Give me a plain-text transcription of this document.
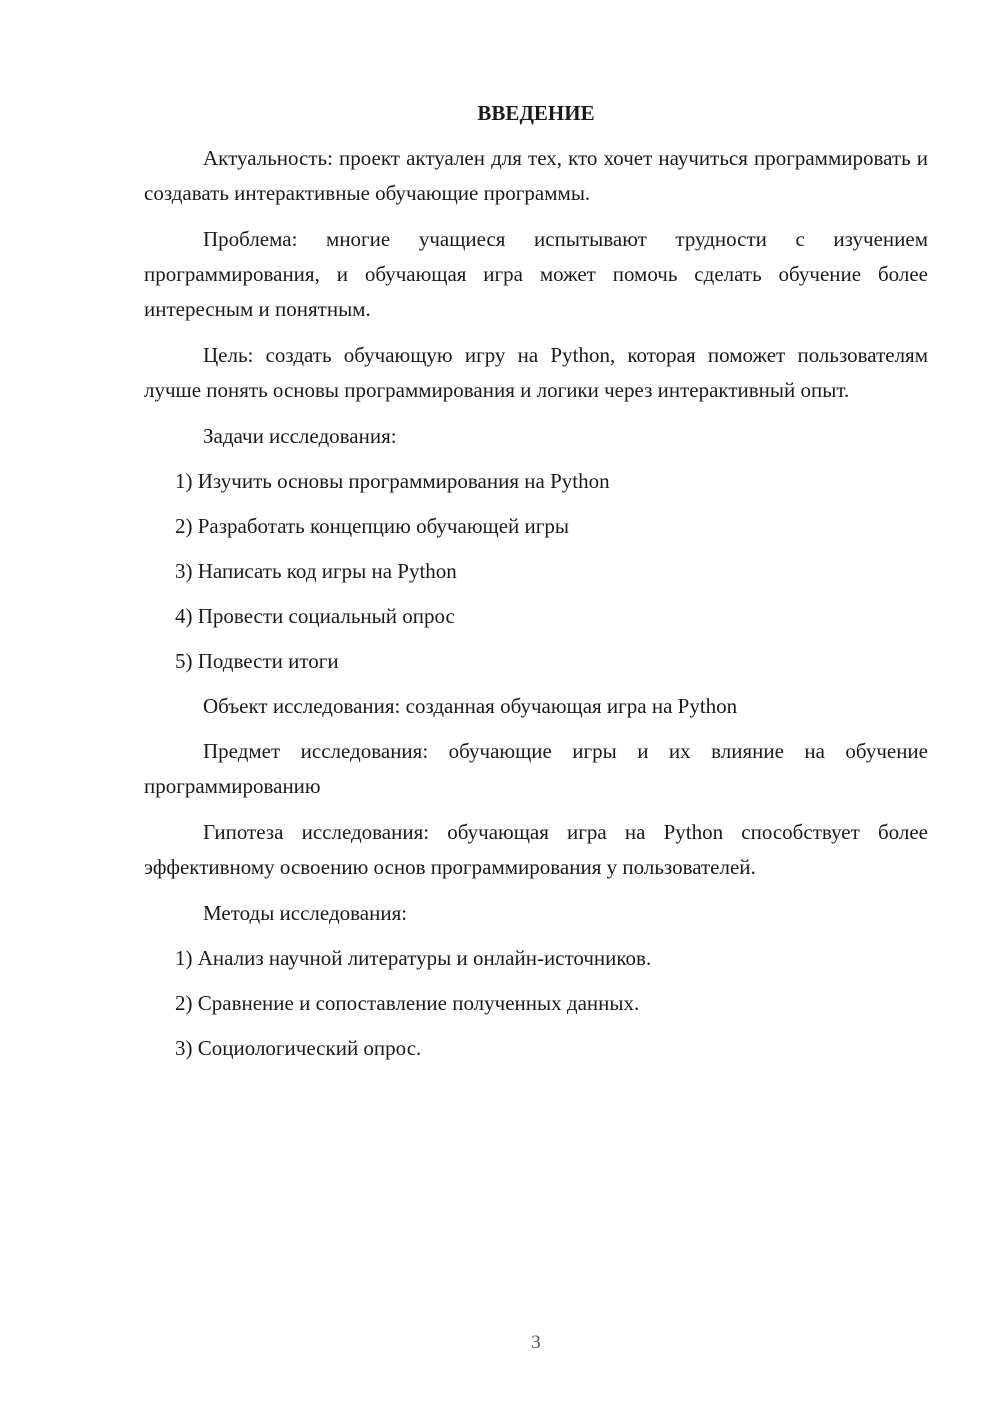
ВВЕДЕНИЕ

Актуальность: проект актуален для тех, кто хочет научиться программировать и создавать интерактивные обучающие программы.

Проблема: многие учащиеся испытывают трудности с изучением программирования, и обучающая игра может помочь сделать обучение более интересным и понятным.

Цель: создать обучающую игру на Python, которая поможет пользователям лучше понять основы программирования и логики через интерактивный опыт.

Задачи исследования:
1) Изучить основы программирования на Python
2) Разработать концепцию обучающей игры
3) Написать код игры на Python
4) Провести социальный опрос
5) Подвести итоги
Объект исследования: созданная обучающая игра на Python

Предмет исследования: обучающие игры и их влияние на обучение программированию

Гипотеза исследования: обучающая игра на Python способствует более эффективному освоению основ программирования у пользователей.

Методы исследования:
1) Анализ научной литературы и онлайн-источников.
2) Сравнение и сопоставление полученных данных.
3) Социологический опрос.
3
